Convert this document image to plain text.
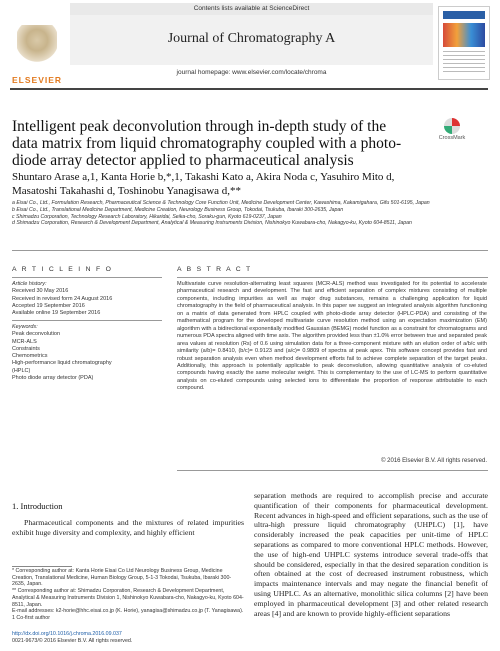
ELSEVIER
Contents lists available at ScienceDirect
Journal of Chromatography A
journal homepage: www.elsevier.com/locate/chroma
Intelligent peak deconvolution through in-depth study of the data matrix from liquid chromatography coupled with a photo-diode array detector applied to pharmaceutical analysis
CrossMark
Shuntaro Arase a,1, Kanta Horie b,*,1, Takashi Kato a, Akira Noda c, Yasuhiro Mito d,
Masatoshi Takahashi d, Toshinobu Yanagisawa d,**
a Eisai Co., Ltd., Formulation Research, Pharmaceutical Science & Technology Core Function Unit, Medicine Development Center, Kawashima, Kakamigahara, Gifu 501-6195, Japan
b Eisai Co., Ltd., Translational Medicine Department, Medicine Creation, Neurology Business Group, Tokodai, Tsukuba, Ibaraki 300-2635, Japan
c Shimadzu Corporation, Technology Research Laboratory, Hikaridai, Seika-cho, Soraku-gun, Kyoto 619-0237, Japan
d Shimadzu Corporation, Research & Development Department, Analytical & Measuring Instruments Division, Nishinokyo Kuwabara-cho, Nakagyo-ku, Kyoto 604-8511, Japan
A R T I C L E I N F O
Article history:
Received 30 May 2016
Received in revised form 24 August 2016
Accepted 19 September 2016
Available online 19 September 2016
Keywords:
Peak deconvolution
MCR-ALS
Constraints
Chemometrics
High-performance liquid chromatography
(HPLC)
Photo diode array detector (PDA)
A B S T R A C T
Multivariate curve resolution-alternating least squares (MCR-ALS) method was investigated for its potential to accelerate pharmaceutical research and development. The fast and efficient separation of complex mixtures consisting of multiple components, including impurities as well as major drug substances, remains a challenging application for liquid chromatography in the field of pharmaceutical analysis. In this paper we suggest an integrated analysis algorithm functioning on a matrix of data generated from HPLC coupled with photo-diode array detector (HPLC-PDA) and consisting of the mathematical program for the developed multivariate curve resolution method using an expectation maximization (EM) algorithm with a bidirectional exponentially modified Gaussian (BEMG) model function as a constraint for chromatograms and numerous PDA spectra aligned with time axis. The algorithm provided less than ±1.0% error between true and separated peak area values at resolution (Rs) of 0.6 using simulation data for a three-component mixture with an elution order of a/b/c with similarity (a/b)= 0.8410, (b/c)= 0.9123 and (a/c)= 0.9809 of spectra at peak apex. This software concept provides fast and robust separation analysis even when method development efforts fail to achieve complete separation of the target peaks. Additionally, this approach is potentially applicable to peak deconvolution, allowing quantitative analysis of co-eluted compounds having exactly the same molecular weight. This is complementary to the use of LC-MS to perform quantitative analysis on co-eluted compounds using selected ions to differentiate the proportion of response attributable to each compound.
© 2016 Elsevier B.V. All rights reserved.
1. Introduction
Pharmaceutical components and the mixtures of related impurities exhibit huge diversity and complexity, and highly efficient
separation methods are required to accomplish precise and accurate quantification of their components for pharmaceutical development. Recent advances in high-speed and efficient separations, such as the use of ultra-high pressure liquid chromatography (UHPLC) [1], have considerably increased the peak capacities per unit-time of HPLC separations as compared to more conventional HPLC methods. However, the use of high-end UHPLC systems introduce several trade-offs that should be considered, especially in that the desired separation condition is often obtained at the cost of decreased instrument robustness, which impacts maintenance intervals and may negate the financial benefit of using UHPLC. As an alternative, monolithic silica columns [2] have been employed in pharmaceutical development [3] and other related research areas [4] and are known to provide highly-efficient separations
* Corresponding author at: Kanta Horie Eisai Co Ltd Neurology Business Group, Medicine Creation, Translational Medicine, Human Biology Group, 5-1-3 Tokodai, Tsukuba, Ibaraki 300-2635, Japan.
** Corresponding author at: Shimadzu Corporation, Research & Development Department, Analytical & Measuring Instruments Division 1, Nishinokyo Kuwabara-cho, Nakagyo-ku, Kyoto 604-8511, Japan.
E-mail addresses: k2-horie@hhc.eisai.co.jp (K. Horie), yanagisa@shimadzu.co.jp (T. Yanagisawa).
1 Co-first author
http://dx.doi.org/10.1016/j.chroma.2016.09.037
0021-9673/© 2016 Elsevier B.V. All rights reserved.
